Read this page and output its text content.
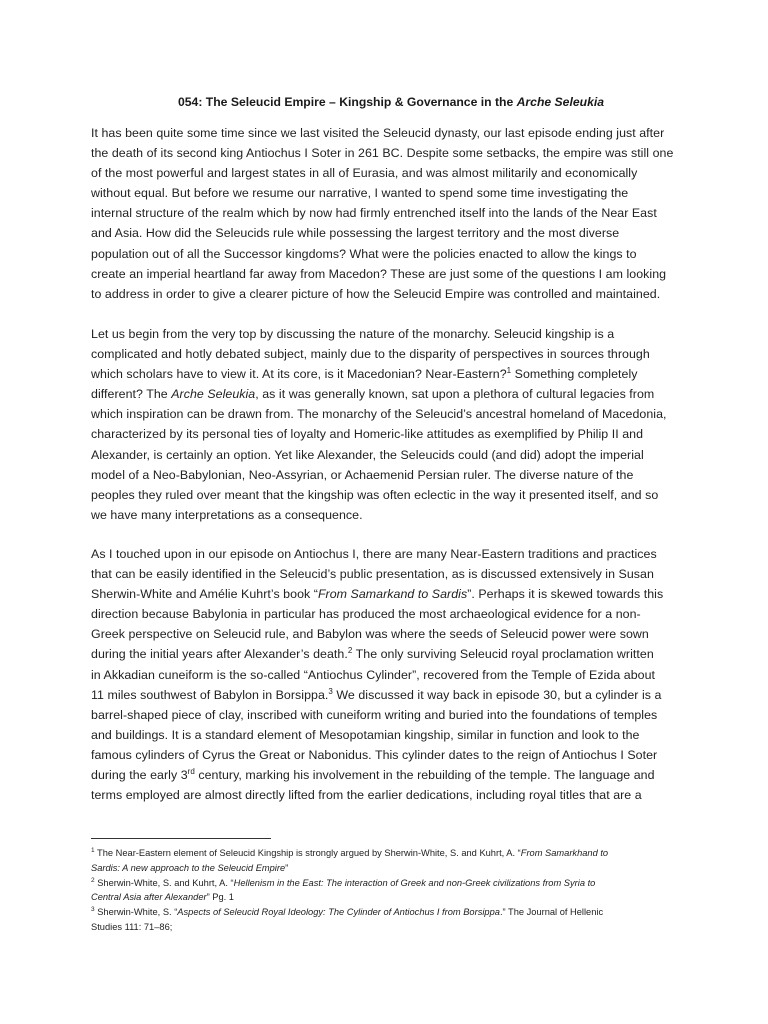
054: The Seleucid Empire – Kingship & Governance in the Arche Seleukia
It has been quite some time since we last visited the Seleucid dynasty, our last episode ending just after
the death of its second king Antiochus I Soter in 261 BC. Despite some setbacks, the empire was still one
of the most powerful and largest states in all of Eurasia, and was almost militarily and economically
without equal. But before we resume our narrative, I wanted to spend some time investigating the
internal structure of the realm which by now had firmly entrenched itself into the lands of the Near East
and Asia. How did the Seleucids rule while possessing the largest territory and the most diverse
population out of all the Successor kingdoms? What were the policies enacted to allow the kings to
create an imperial heartland far away from Macedon? These are just some of the questions I am looking
to address in order to give a clearer picture of how the Seleucid Empire was controlled and maintained.
Let us begin from the very top by discussing the nature of the monarchy. Seleucid kingship is a
complicated and hotly debated subject, mainly due to the disparity of perspectives in sources through
which scholars have to view it. At its core, is it Macedonian? Near-Eastern?$^1$ Something completely
different? The Arche Seleukia, as it was generally known, sat upon a plethora of cultural legacies from
which inspiration can be drawn from. The monarchy of the Seleucid’s ancestral homeland of Macedonia,
characterized by its personal ties of loyalty and Homeric-like attitudes as exemplified by Philip II and
Alexander, is certainly an option. Yet like Alexander, the Seleucids could (and did) adopt the imperial
model of a Neo-Babylonian, Neo-Assyrian, or Achaemenid Persian ruler. The diverse nature of the
peoples they ruled over meant that the kingship was often eclectic in the way it presented itself, and so
we have many interpretations as a consequence.
As I touched upon in our episode on Antiochus I, there are many Near-Eastern traditions and practices
that can be easily identified in the Seleucid’s public presentation, as is discussed extensively in Susan
Sherwin-White and Amélie Kuhrt’s book “From Samarkand to Sardis”. Perhaps it is skewed towards this
direction because Babylonia in particular has produced the most archaeological evidence for a non-
Greek perspective on Seleucid rule, and Babylon was where the seeds of Seleucid power were sown
during the initial years after Alexander’s death.$^2$ The only surviving Seleucid royal proclamation written
in Akkadian cuneiform is the so-called “Antiochus Cylinder”, recovered from the Temple of Ezida about
11 miles southwest of Babylon in Borsippa.$^3$ We discussed it way back in episode 30, but a cylinder is a
barrel-shaped piece of clay, inscribed with cuneiform writing and buried into the foundations of temples
and buildings. It is a standard element of Mesopotamian kingship, similar in function and look to the
famous cylinders of Cyrus the Great or Nabonidus. This cylinder dates to the reign of Antiochus I Soter
during the early 3rd century, marking his involvement in the rebuilding of the temple. The language and
terms employed are almost directly lifted from the earlier dedications, including royal titles that are a
$^1$ The Near-Eastern element of Seleucid Kingship is strongly argued by Sherwin-White, S. and Kuhrt, A. “From Samarkhand to
Sardis: A new approach to the Seleucid Empire”
$^2$ Sherwin-White, S. and Kuhrt, A. “Hellenism in the East: The interaction of Greek and non-Greek civilizations from Syria to
Central Asia after Alexander” Pg. 1
$^3$ Sherwin-White, S. “Aspects of Seleucid Royal Ideology: The Cylinder of Antiochus I from Borsippa.” The Journal of Hellenic
Studies 111: 71–86;
